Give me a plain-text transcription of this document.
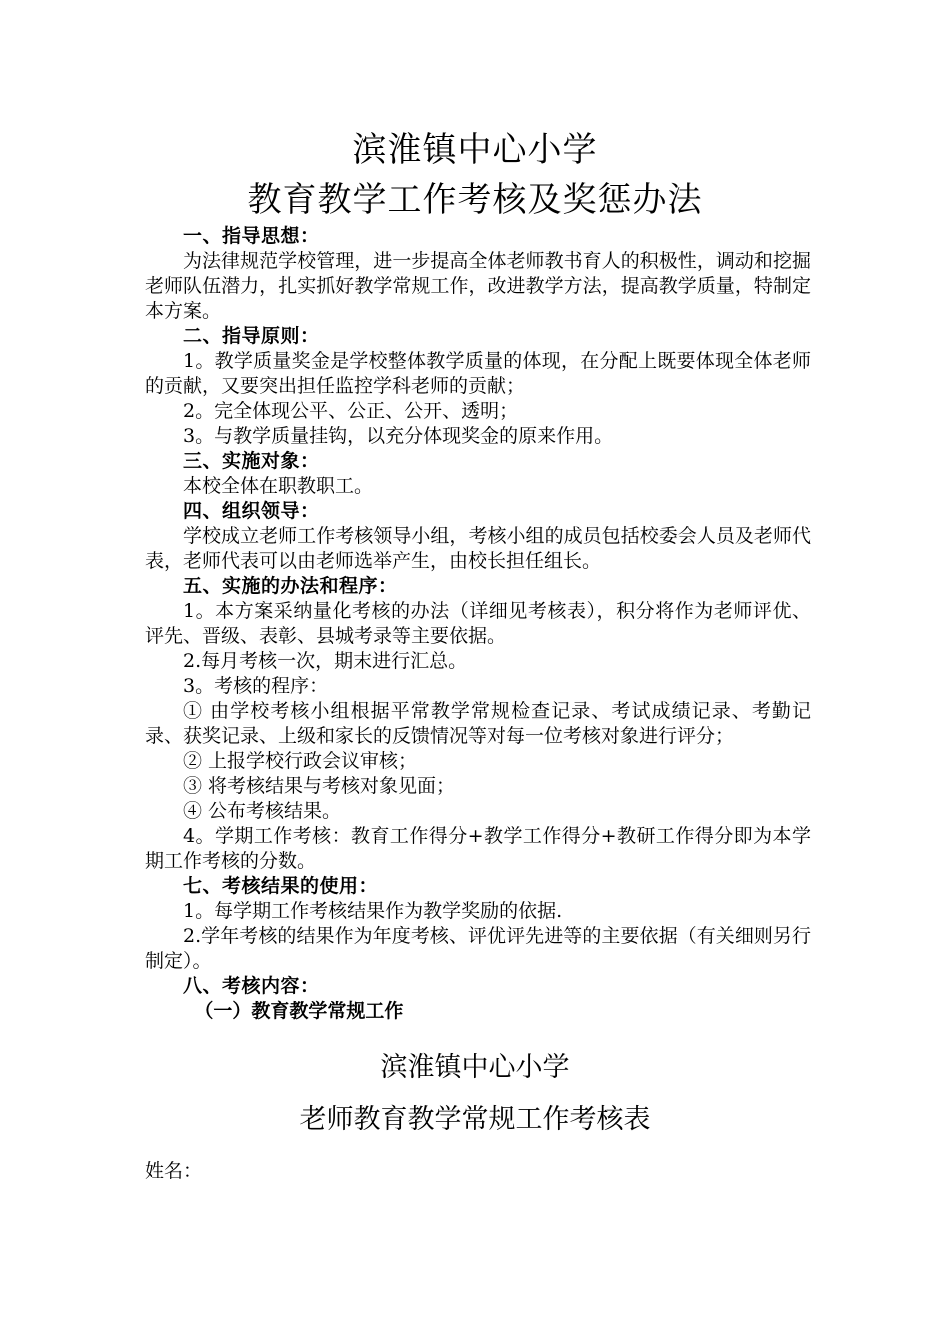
滨淮镇中心小学
教育教学工作考核及奖惩办法

一、指导思想：

为法律规范学校管理，进一步提高全体老师教书育人的积极性，调动和挖掘老师队伍潜力，扎实抓好教学常规工作，改进教学方法，提高教学质量，特制定本方案。

二、指导原则：

1。教学质量奖金是学校整体教学质量的体现，在分配上既要体现全体老师的贡献，又要突出担任监控学科老师的贡献；

2。完全体现公平、公正、公开、透明；

3。与教学质量挂钩，以充分体现奖金的原来作用。

三、实施对象：

本校全体在职教职工。

四、组织领导：

学校成立老师工作考核领导小组，考核小组的成员包括校委会人员及老师代表，老师代表可以由老师选举产生，由校长担任组长。

五、实施的办法和程序：

1。本方案采纳量化考核的办法（详细见考核表），积分将作为老师评优、评先、晋级、表彰、县城考录等主要依据。

2.每月考核一次，期末进行汇总。

3。考核的程序：

① 由学校考核小组根据平常教学常规检查记录、考试成绩记录、考勤记录、获奖记录、上级和家长的反馈情况等对每一位考核对象进行评分；

② 上报学校行政会议审核；

③ 将考核结果与考核对象见面；

④ 公布考核结果。

4。学期工作考核：教育工作得分+教学工作得分+教研工作得分即为本学期工作考核的分数。

七、考核结果的使用：

1。每学期工作考核结果作为教学奖励的依据.

2.学年考核的结果作为年度考核、评优评先进等的主要依据（有关细则另行制定）。

八、考核内容：

（一）教育教学常规工作

滨淮镇中心小学
老师教育教学常规工作考核表
姓名：
